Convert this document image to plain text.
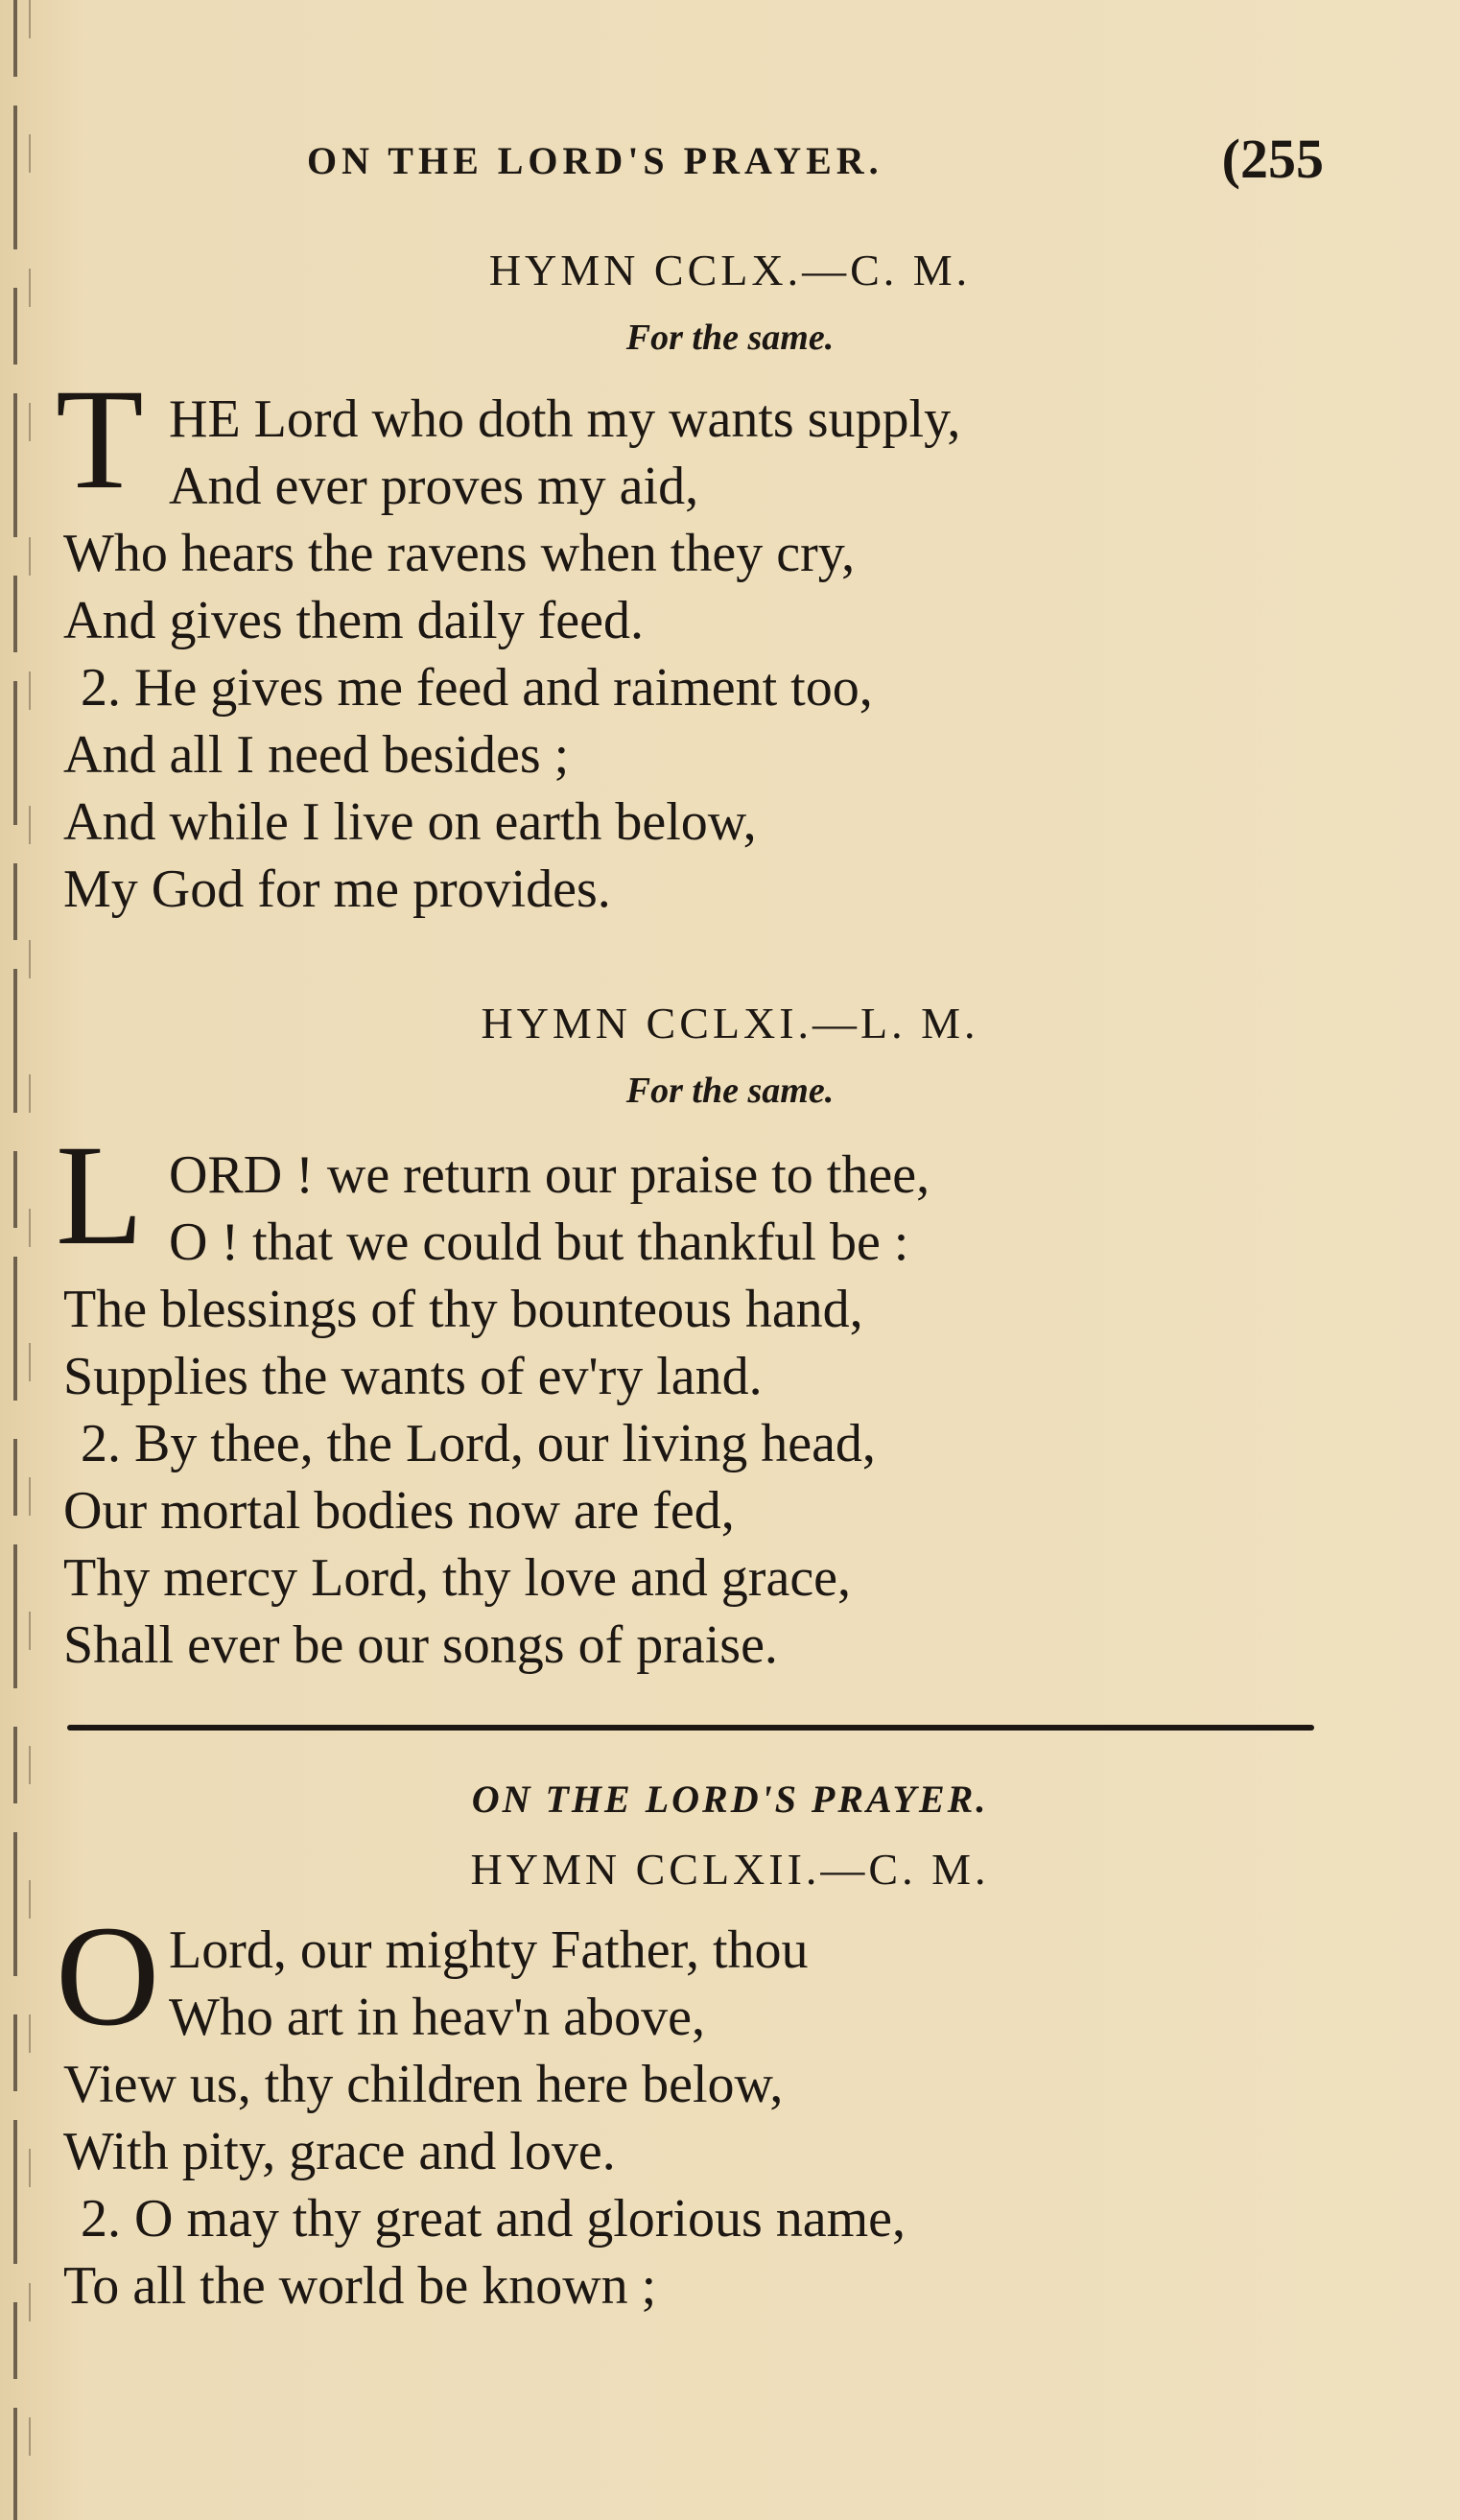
ON THE LORD'S PRAYER.	(255
HYMN CCLX.—C. M.
For the same.
T HE Lord who doth my wants supply,
And ever proves my aid,
Who hears the ravens when they cry,
And gives them daily feed.
2. He gives me feed and raiment too,
And all I need besides ;
And while I live on earth below,
My God for me provides.
HYMN CCLXI.—L. M.
For the same.
L ORD ! we return our praise to thee,
O ! that we could but thankful be :
The blessings of thy bounteous hand,
Supplies the wants of ev'ry land.
2. By thee, the Lord, our living head,
Our mortal bodies now are fed,
Thy mercy Lord, thy love and grace,
Shall ever be our songs of praise.
ON THE LORD'S PRAYER.
HYMN CCLXII.—C. M.
O Lord, our mighty Father, thou
Who art in heav'n above,
View us, thy children here below,
With pity, grace and love.
2. O may thy great and glorious name,
To all the world be known ;
